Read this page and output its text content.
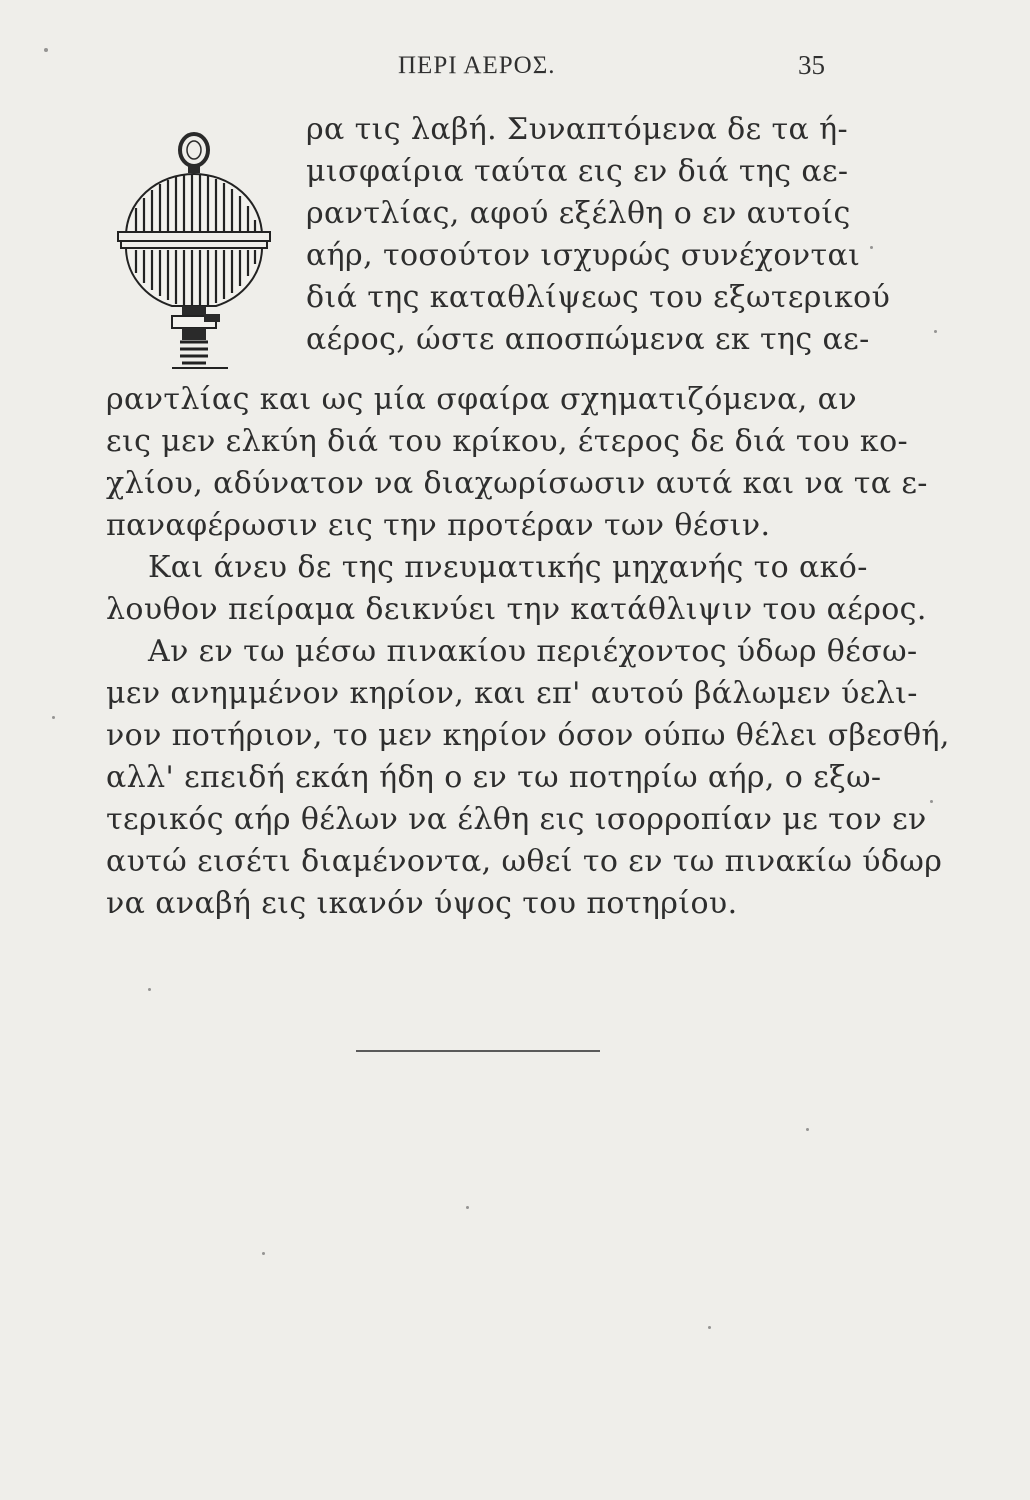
ΠΕΡΙ ΑΕΡΟΣ.	35
ρα τις λαβή. Συναπτόμενα δε τα ή-
μισφαίρια ταύτα εις εν διά της αε-
ραντλίας, αφού εξέλθη ο εν αυτοίς
αήρ, τοσούτον ισχυρώς συνέχονται
διά της καταθλίψεως του εξωτερικού
αέρος, ώστε αποσπώμενα εκ της αε-
ραντλίας και ως μία σφαίρα σχηματιζόμενα, αν
εις μεν ελκύη διά του κρίκου, έτερος δε διά του κο-
χλίου, αδύνατον να διαχωρίσωσιν αυτά και να τα ε-
παναφέρωσιν εις την προτέραν των θέσιν.
Και άνευ δε της πνευματικής μηχανής το ακό-
λουθον πείραμα δεικνύει την κατάθλιψιν του αέρος.
Αν εν τω μέσω πινακίου περιέχοντος ύδωρ θέσω-
μεν ανημμένον κηρίον, και επ' αυτού βάλωμεν ύελι-
νον ποτήριον, το μεν κηρίον όσον ούπω θέλει σβεσθή,
αλλ' επειδή εκάη ήδη ο εν τω ποτηρίω αήρ, ο εξω-
τερικός αήρ θέλων να έλθη εις ισορροπίαν με τον εν
αυτώ εισέτι διαμένοντα, ωθεί το εν τω πινακίω ύδωρ
να αναβή εις ικανόν ύψος του ποτηρίου.
